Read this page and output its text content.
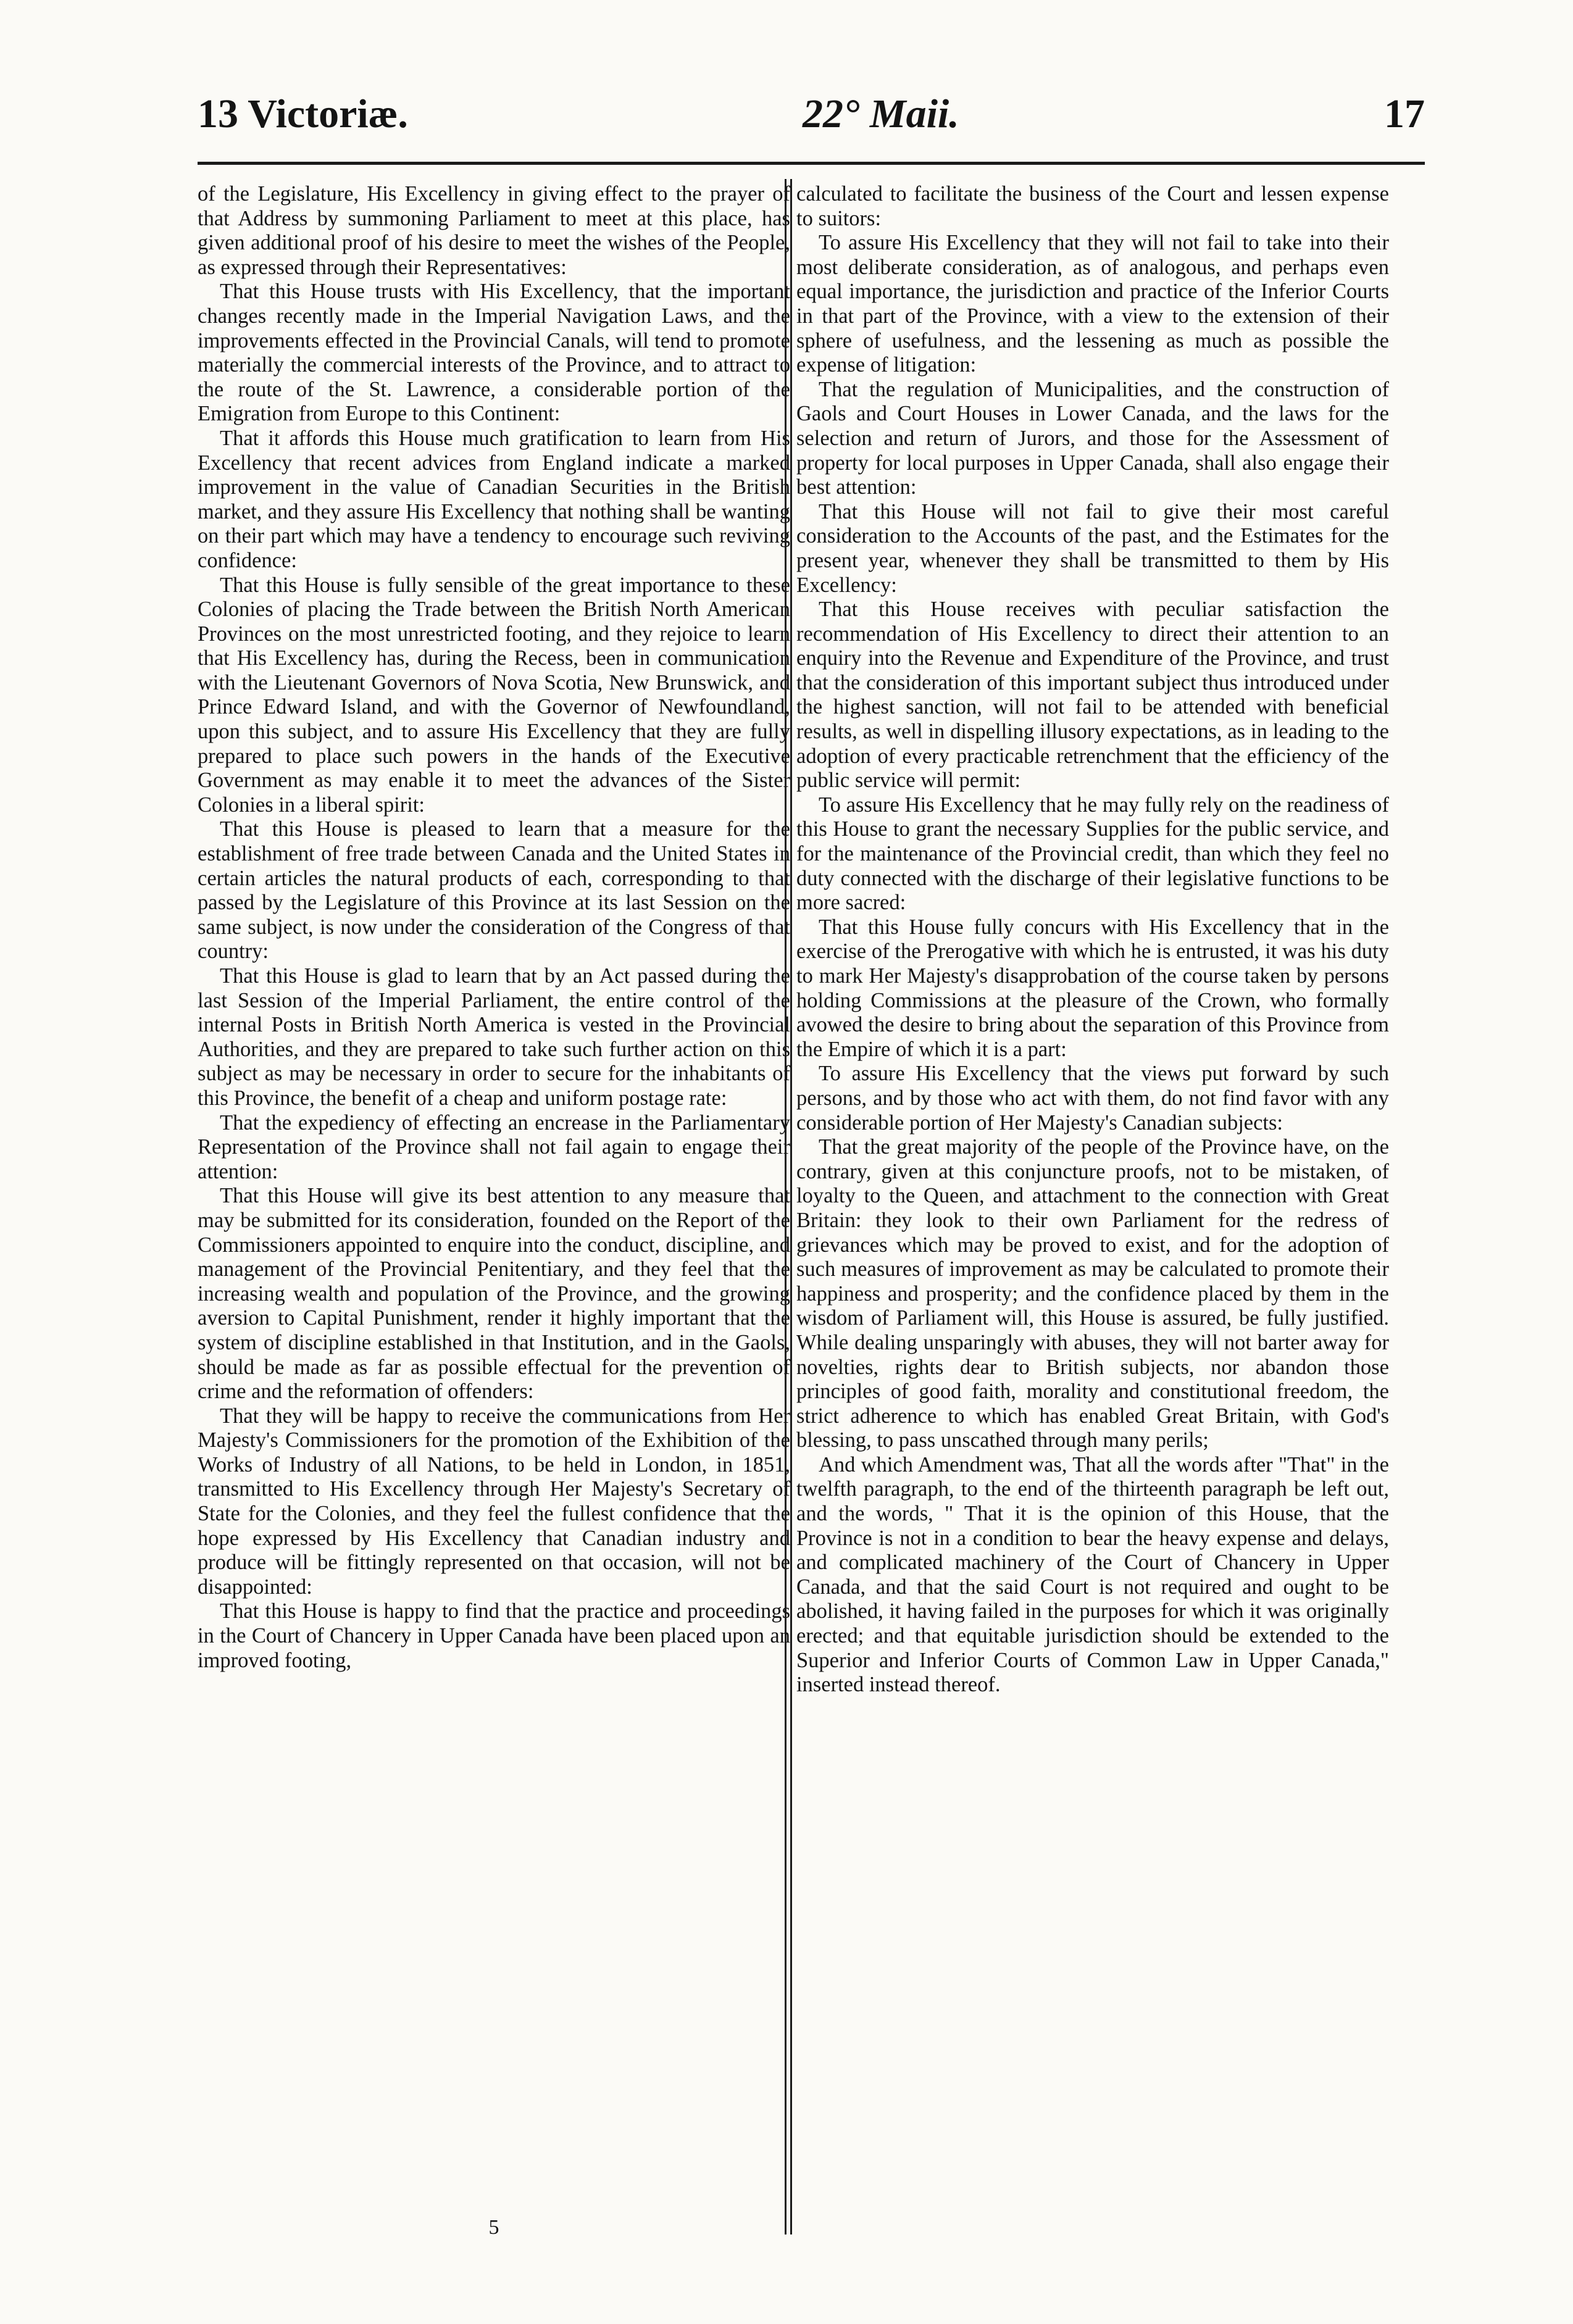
13 Victoriæ.	22° Maii.	17

of the Legislature, His Excellency in giving effect to the prayer of that Address by summoning Parliament to meet at this place, has given additional proof of his desire to meet the wishes of the People, as expressed through their Representatives:

That this House trusts with His Excellency, that the important changes recently made in the Imperial Navigation Laws, and the improvements effected in the Provincial Canals, will tend to promote materially the commercial interests of the Province, and to attract to the route of the St. Lawrence, a considerable portion of the Emigration from Europe to this Continent:

That it affords this House much gratification to learn from His Excellency that recent advices from England indicate a marked improvement in the value of Canadian Securities in the British market, and they assure His Excellency that nothing shall be wanting on their part which may have a tendency to encourage such reviving confidence:

That this House is fully sensible of the great importance to these Colonies of placing the Trade between the British North American Provinces on the most unrestricted footing, and they rejoice to learn that His Excellency has, during the Recess, been in communication with the Lieutenant Governors of Nova Scotia, New Brunswick, and Prince Edward Island, and with the Governor of Newfoundland, upon this subject, and to assure His Excellency that they are fully prepared to place such powers in the hands of the Executive Government as may enable it to meet the advances of the Sister Colonies in a liberal spirit:

That this House is pleased to learn that a measure for the establishment of free trade between Canada and the United States in certain articles the natural products of each, corresponding to that passed by the Legislature of this Province at its last Session on the same subject, is now under the consideration of the Congress of that country:

That this House is glad to learn that by an Act passed during the last Session of the Imperial Parliament, the entire control of the internal Posts in British North America is vested in the Provincial Authorities, and they are prepared to take such further action on this subject as may be necessary in order to secure for the inhabitants of this Province, the benefit of a cheap and uniform postage rate:

That the expediency of effecting an encrease in the Parliamentary Representation of the Province shall not fail again to engage their attention:

That this House will give its best attention to any measure that may be submitted for its consideration, founded on the Report of the Commissioners appointed to enquire into the conduct, discipline, and management of the Provincial Penitentiary, and they feel that the increasing wealth and population of the Province, and the growing aversion to Capital Punishment, render it highly important that the system of discipline established in that Institution, and in the Gaols, should be made as far as possible effectual for the prevention of crime and the reformation of offenders:

That they will be happy to receive the communications from Her Majesty's Commissioners for the promotion of the Exhibition of the Works of Industry of all Nations, to be held in London, in 1851, transmitted to His Excellency through Her Majesty's Secretary of State for the Colonies, and they feel the fullest confidence that the hope expressed by His Excellency that Canadian industry and produce will be fittingly represented on that occasion, will not be disappointed:

That this House is happy to find that the practice and proceedings in the Court of Chancery in Upper Canada have been placed upon an improved footing,

calculated to facilitate the business of the Court and lessen expense to suitors:

To assure His Excellency that they will not fail to take into their most deliberate consideration, as of analogous, and perhaps even equal importance, the jurisdiction and practice of the Inferior Courts in that part of the Province, with a view to the extension of their sphere of usefulness, and the lessening as much as possible the expense of litigation:

That the regulation of Municipalities, and the construction of Gaols and Court Houses in Lower Canada, and the laws for the selection and return of Jurors, and those for the Assessment of property for local purposes in Upper Canada, shall also engage their best attention:

That this House will not fail to give their most careful consideration to the Accounts of the past, and the Estimates for the present year, whenever they shall be transmitted to them by His Excellency:

That this House receives with peculiar satisfaction the recommendation of His Excellency to direct their attention to an enquiry into the Revenue and Expenditure of the Province, and trust that the consideration of this important subject thus introduced under the highest sanction, will not fail to be attended with beneficial results, as well in dispelling illusory expectations, as in leading to the adoption of every practicable retrenchment that the efficiency of the public service will permit:

To assure His Excellency that he may fully rely on the readiness of this House to grant the necessary Supplies for the public service, and for the maintenance of the Provincial credit, than which they feel no duty connected with the discharge of their legislative functions to be more sacred:

That this House fully concurs with His Excellency that in the exercise of the Prerogative with which he is entrusted, it was his duty to mark Her Majesty's disapprobation of the course taken by persons holding Commissions at the pleasure of the Crown, who formally avowed the desire to bring about the separation of this Province from the Empire of which it is a part:

To assure His Excellency that the views put forward by such persons, and by those who act with them, do not find favor with any considerable portion of Her Majesty's Canadian subjects:

That the great majority of the people of the Province have, on the contrary, given at this conjuncture proofs, not to be mistaken, of loyalty to the Queen, and attachment to the connection with Great Britain: they look to their own Parliament for the redress of grievances which may be proved to exist, and for the adoption of such measures of improvement as may be calculated to promote their happiness and prosperity; and the confidence placed by them in the wisdom of Parliament will, this House is assured, be fully justified. While dealing unsparingly with abuses, they will not barter away for novelties, rights dear to British subjects, nor abandon those principles of good faith, morality and constitutional freedom, the strict adherence to which has enabled Great Britain, with God's blessing, to pass unscathed through many perils;

And which Amendment was, That all the words after "That" in the twelfth paragraph, to the end of the thirteenth paragraph be left out, and the words, " That it is the opinion of this House, that the Province is not in a condition to bear the heavy expense and delays, and complicated machinery of the Court of Chancery in Upper Canada, and that the said Court is not required and ought to be abolished, it having failed in the purposes for which it was originally erected; and that equitable jurisdiction should be extended to the Superior and Inferior Courts of Common Law in Upper Canada," inserted instead thereof.

5
